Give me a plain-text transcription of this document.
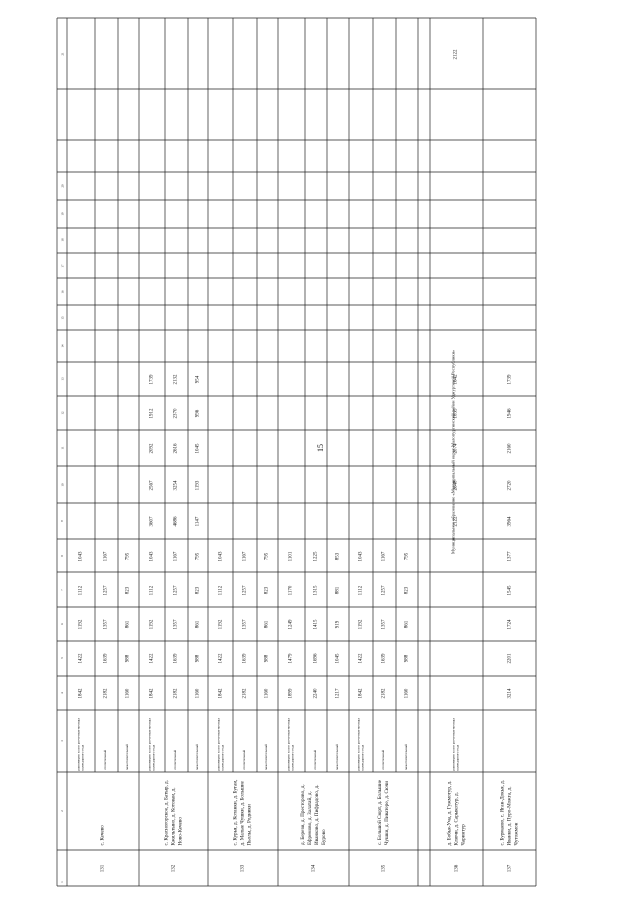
15
1
2
3
4
5
6
7
8
9
10
11
12
13
14
15
16
17
18
19
20
21
131
с. Кечево
равномерно за все расчетные месяцы календарного года
1842
1422
1192
1112
1043
отопительный
2182
1639
1357
1257
1167
межотопительный
1160
988
861
823
795
132
с. Красногорское, д. Батыр, д. Кжильтыно, д. Котоваи, д. Ново-Кечево
равномерно за все расчетные месяцы календарного года
1842
1422
1192
1112
1043
3607
2567
2092
1912
1739
отопительный
2182
1639
1357
1257
1167
4686
3254
2616
2370
2132
межотопительный
1160
988
861
823
795
1147
1193
1045
996
954
133
с. Курья, д. Котанки, д. Бугаи, д. Малые Чушки, д. Большие Пьолы, д. Родники
равномерно за все расчетные месяцы календарного года
1842
1422
1192
1112
1043
отопительный
2182
1639
1357
1257
1167
межотопительный
1160
988
861
823
795
134
д. Берези, д. Престорово, д. Ефремово, д. Залатай, д. Иванково, д. Пифрадово, д. Бурово
равномерно за все расчетные месяцы календарного года
1899
1479
1249
1170
1101
отопительный
2240
1696
1415
1315
1225
межотопительный
1217
1045
919
881
853
135
с. Большой Сюрт, д. Большие Чушки, д. Пиватере, д. Сючи
равномерно за все расчетные месяцы календарного года
1842
1422
1192
1112
1043
отопительный
2182
1639
1357
1257
1167
межотопительный
1160
988
861
823
795
136
д. Бобья-Уча, д. Гужмотур, д. Ключи, д. Сарыкотур, д. Чаринтур
равномерно за все расчетные месяцы календарного года
2122
2648
2074
1855
1642
2122
137
с. Бурмаево, с. Яган-Докья, д. Иванки, д. Пуро-Можга, д. Чутожмон
3214
2201
1724
1545
1377
3964
2720
2160
1946
1739
Муниципальное образование «Муниципальный округ Малопургинский район Удмуртской Республики»
